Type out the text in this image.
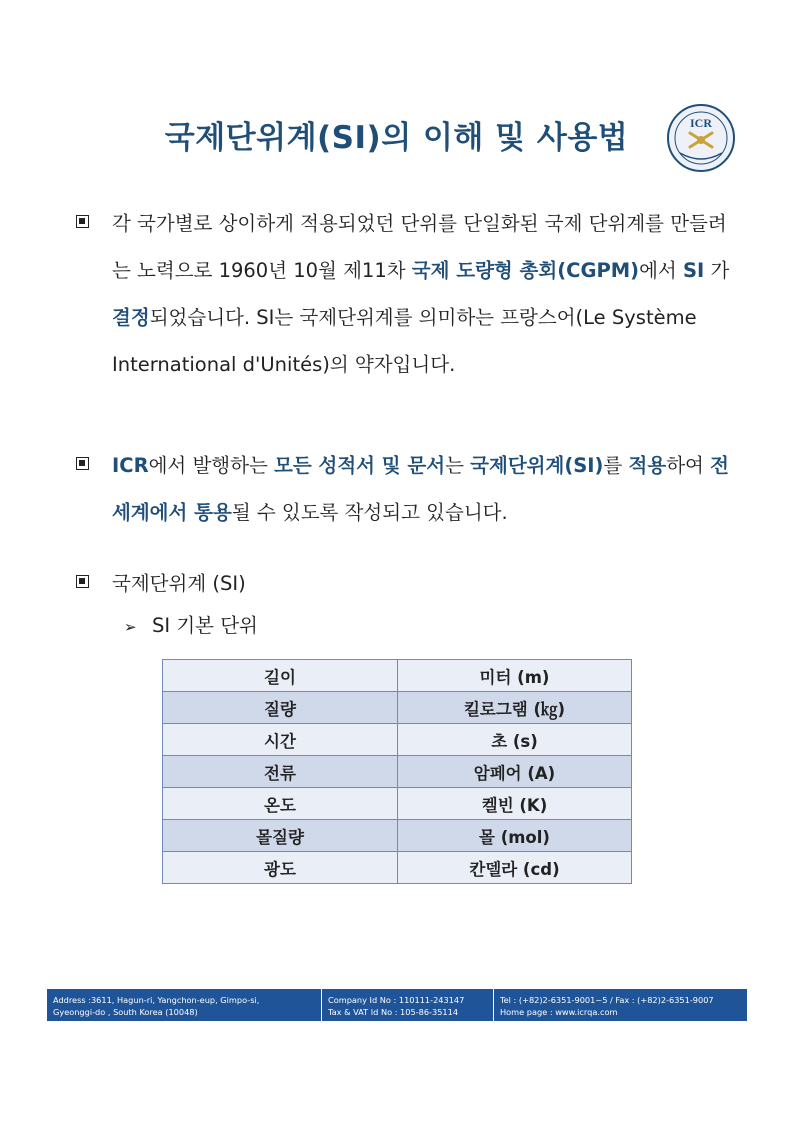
국제단위계(SI)의 이해 및 사용법	ICR
각 국가별로 상이하게 적용되었던 단위를 단일화된 국제 단위계를 만들려는 노력으로 1960년 10월 제11차 국제 도량형 총회(CGPM)에서 SI 가 결정되었습니다. SI는 국제단위계를 의미하는 프랑스어(Le Système International d'Unités)의 약자입니다.
ICR에서 발행하는 모든 성적서 및 문서는 국제단위계(SI)를 적용하여 전 세계에서 통용될 수 있도록 작성되고 있습니다.
국제단위계 (SI)
➢ SI 기본 단위
길이	미터 (m)
질량	킬로그램 (㎏)
시간	초 (s)
전류	암페어 (A)
온도	켈빈 (K)
몰질량	몰 (mol)
광도	칸델라 (cd)
Address :3611, Hagun-ri, Yangchon-eup, Gimpo-si,
Gyeonggi-do , South Korea (10048)
Company Id No : 110111-243147
Tax & VAT Id No : 105-86-35114
Tel : (+82)2-6351-9001~5 / Fax : (+82)2-6351-9007
Home page : www.icrqa.com
